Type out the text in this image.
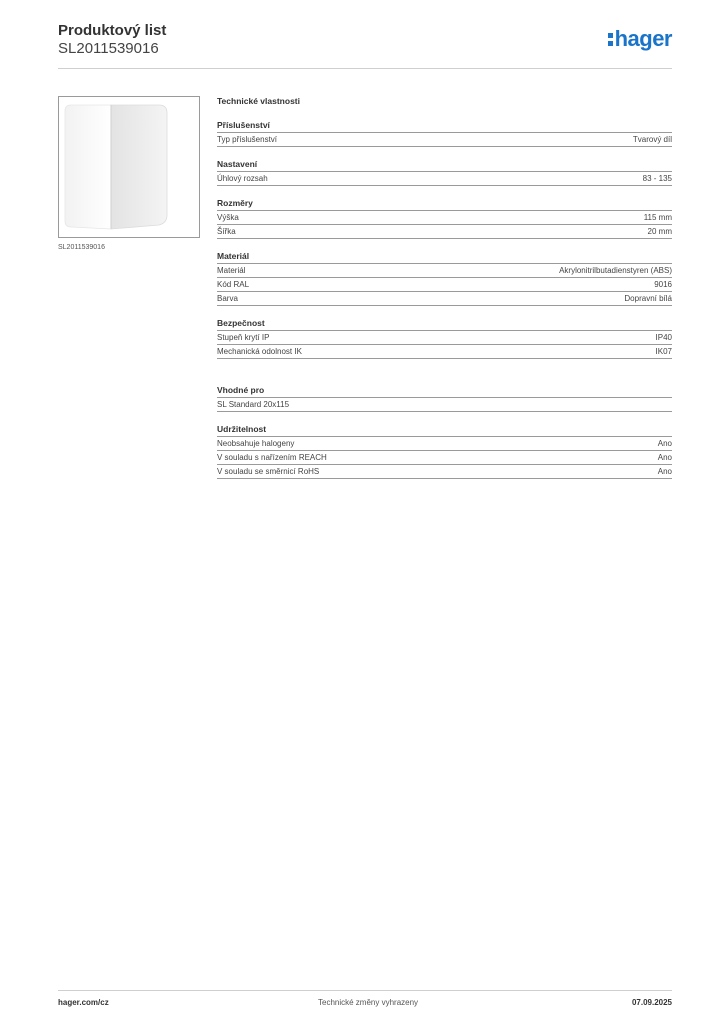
Produktový list
SL2011539016	hager
SL2011539016
Technické vlastnosti
Příslušenství
Typ příslušenství	Tvarový díl
Nastavení
Úhlový rozsah	83 - 135
Rozměry
Výška	115 mm
Šířka	20 mm
Materiál
Materiál	Akrylonitrilbutadienstyren (ABS)
Kód RAL	9016
Barva	Dopravní bílá
Bezpečnost
Stupeň krytí IP	IP40
Mechanická odolnost IK	IK07
Vhodné pro
SL Standard 20x115
Udržitelnost
Neobsahuje halogeny	Ano
V souladu s nařízením REACH	Ano
V souladu se směrnicí RoHS	Ano
hager.com/cz	Technické změny vyhrazeny	07.09.2025
